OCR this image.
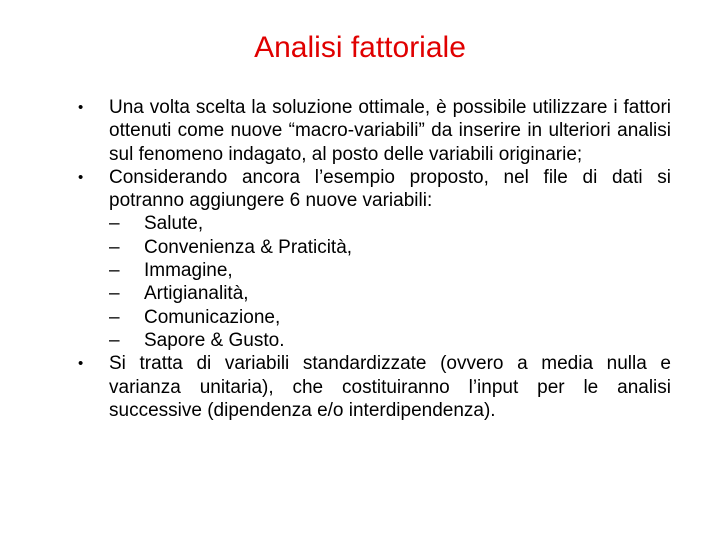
Analisi fattoriale
• Una volta scelta la soluzione ottimale, è possibile utilizzare i fattori ottenuti come nuove “macro-variabili” da inserire in ulteriori analisi sul fenomeno indagato, al posto delle variabili originarie;
• Considerando ancora l’esempio proposto, nel file di dati si potranno aggiungere 6 nuove variabili:
– Salute,
– Convenienza & Praticità,
– Immagine,
– Artigianalità,
– Comunicazione,
– Sapore & Gusto.
• Si tratta di variabili standardizzate (ovvero a media nulla e varianza unitaria), che costituiranno l’input per le analisi successive (dipendenza e/o interdipendenza).
